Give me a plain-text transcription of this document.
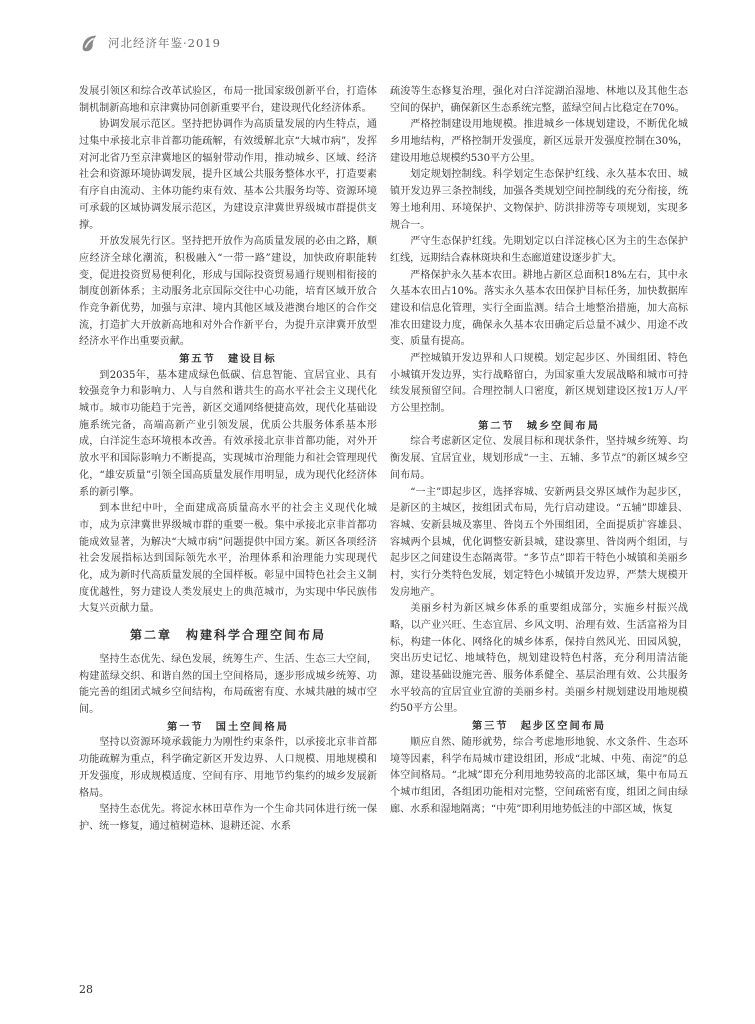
河北经济年鉴·2019

发展引领区和综合改革试验区，布局一批国家级创新平台，打造体制机制新高地和京津冀协同创新重要平台，建设现代化经济体系。

协调发展示范区。坚持把协调作为高质量发展的内生特点，通过集中承接北京非首都功能疏解，有效缓解北京“大城市病”，发挥对河北省乃至京津冀地区的辐射带动作用，推动城乡、区域、经济社会和资源环境协调发展，提升区域公共服务整体水平，打造要素有序自由流动、主体功能约束有效、基本公共服务均等、资源环境可承载的区域协调发展示范区，为建设京津冀世界级城市群提供支撑。

开放发展先行区。坚持把开放作为高质量发展的必由之路，顺应经济全球化潮流，积极融入“一带一路”建设，加快政府职能转变，促进投资贸易便利化，形成与国际投资贸易通行规则相衔接的制度创新体系；主动服务北京国际交往中心功能，培育区域开放合作竞争新优势，加强与京津、境内其他区域及港澳台地区的合作交流，打造扩大开放新高地和对外合作新平台，为提升京津冀开放型经济水平作出重要贡献。

第五节　建设目标

到2035年，基本建成绿色低碳、信息智能、宜居宜业、具有较强竞争力和影响力、人与自然和谐共生的高水平社会主义现代化城市。城市功能趋于完善，新区交通网络便捷高效，现代化基础设施系统完备，高端高新产业引领发展，优质公共服务体系基本形成，白洋淀生态环境根本改善。有效承接北京非首都功能，对外开放水平和国际影响力不断提高，实现城市治理能力和社会管理现代化，“雄安质量”引领全国高质量发展作用明显，成为现代化经济体系的新引擎。

到本世纪中叶，全面建成高质量高水平的社会主义现代化城市，成为京津冀世界级城市群的重要一极。集中承接北京非首都功能成效显著，为解决“大城市病”问题提供中国方案。新区各项经济社会发展指标达到国际领先水平，治理体系和治理能力实现现代化，成为新时代高质量发展的全国样板。彰显中国特色社会主义制度优越性，努力建设人类发展史上的典范城市，为实现中华民族伟大复兴贡献力量。

第二章　构建科学合理空间布局

坚持生态优先、绿色发展，统筹生产、生活、生态三大空间，构建蓝绿交织、和谐自然的国土空间格局，逐步形成城乡统筹、功能完善的组团式城乡空间结构，布局疏密有度、水城共融的城市空间。

第一节　国土空间格局

坚持以资源环境承载能力为刚性约束条件，以承接北京非首都功能疏解为重点，科学确定新区开发边界、人口规模、用地规模和开发强度，形成规模适度、空间有序、用地节约集约的城乡发展新格局。

坚持生态优先。将淀水林田草作为一个生命共同体进行统一保护、统一修复，通过植树造林、退耕还淀、水系

疏浚等生态修复治理，强化对白洋淀湖泊湿地、林地以及其他生态空间的保护，确保新区生态系统完整，蓝绿空间占比稳定在70%。

严格控制建设用地规模。推进城乡一体规划建设，不断优化城乡用地结构，严格控制开发强度，新区远景开发强度控制在30%，建设用地总规模约530平方公里。

划定规划控制线。科学划定生态保护红线、永久基本农田、城镇开发边界三条控制线，加强各类规划空间控制线的充分衔接，统筹土地利用、环境保护、文物保护、防洪排涝等专项规划，实现多规合一。

严守生态保护红线。先期划定以白洋淀核心区为主的生态保护红线，远期结合森林斑块和生态廊道建设逐步扩大。

严格保护永久基本农田。耕地占新区总面积18%左右，其中永久基本农田占10%。落实永久基本农田保护目标任务，加快数据库建设和信息化管理，实行全面监测。结合土地整治措施，加大高标准农田建设力度，确保永久基本农田确定后总量不减少、用途不改变、质量有提高。

严控城镇开发边界和人口规模。划定起步区、外围组团、特色小城镇开发边界，实行战略留白，为国家重大发展战略和城市可持续发展预留空间。合理控制人口密度，新区规划建设区按1万人/平方公里控制。

第二节　城乡空间布局

综合考虑新区定位、发展目标和现状条件，坚持城乡统筹、均衡发展、宜居宜业，规划形成“一主、五辅、多节点”的新区城乡空间布局。

“一主”即起步区，选择容城、安新两县交界区域作为起步区，是新区的主城区，按组团式布局，先行启动建设。“五辅”即雄县、容城、安新县城及寨里、昝岗五个外围组团，全面提质扩容雄县、容城两个县城，优化调整安新县城，建设寨里、昝岗两个组团，与起步区之间建设生态隔离带。“多节点”即若干特色小城镇和美丽乡村，实行分类特色发展，划定特色小城镇开发边界，严禁大规模开发房地产。

美丽乡村为新区城乡体系的重要组成部分，实施乡村振兴战略，以产业兴旺、生态宜居、乡风文明、治理有效、生活富裕为目标，构建一体化、网络化的城乡体系，保持自然风光、田园风貌，突出历史记忆、地域特色，规划建设特色村落，充分利用清洁能源，建设基础设施完善、服务体系健全、基层治理有效、公共服务水平较高的宜居宜业宜游的美丽乡村。美丽乡村规划建设用地规模约50平方公里。

第三节　起步区空间布局

顺应自然、随形就势，综合考虑地形地貌、水文条件、生态环境等因素，科学布局城市建设组团，形成“北城、中苑、南淀”的总体空间格局。“北城”即充分利用地势较高的北部区域，集中布局五个城市组团，各组团功能相对完整，空间疏密有度，组团之间由绿廊、水系和湿地隔离；“中苑”即利用地势低洼的中部区域，恢复

28
